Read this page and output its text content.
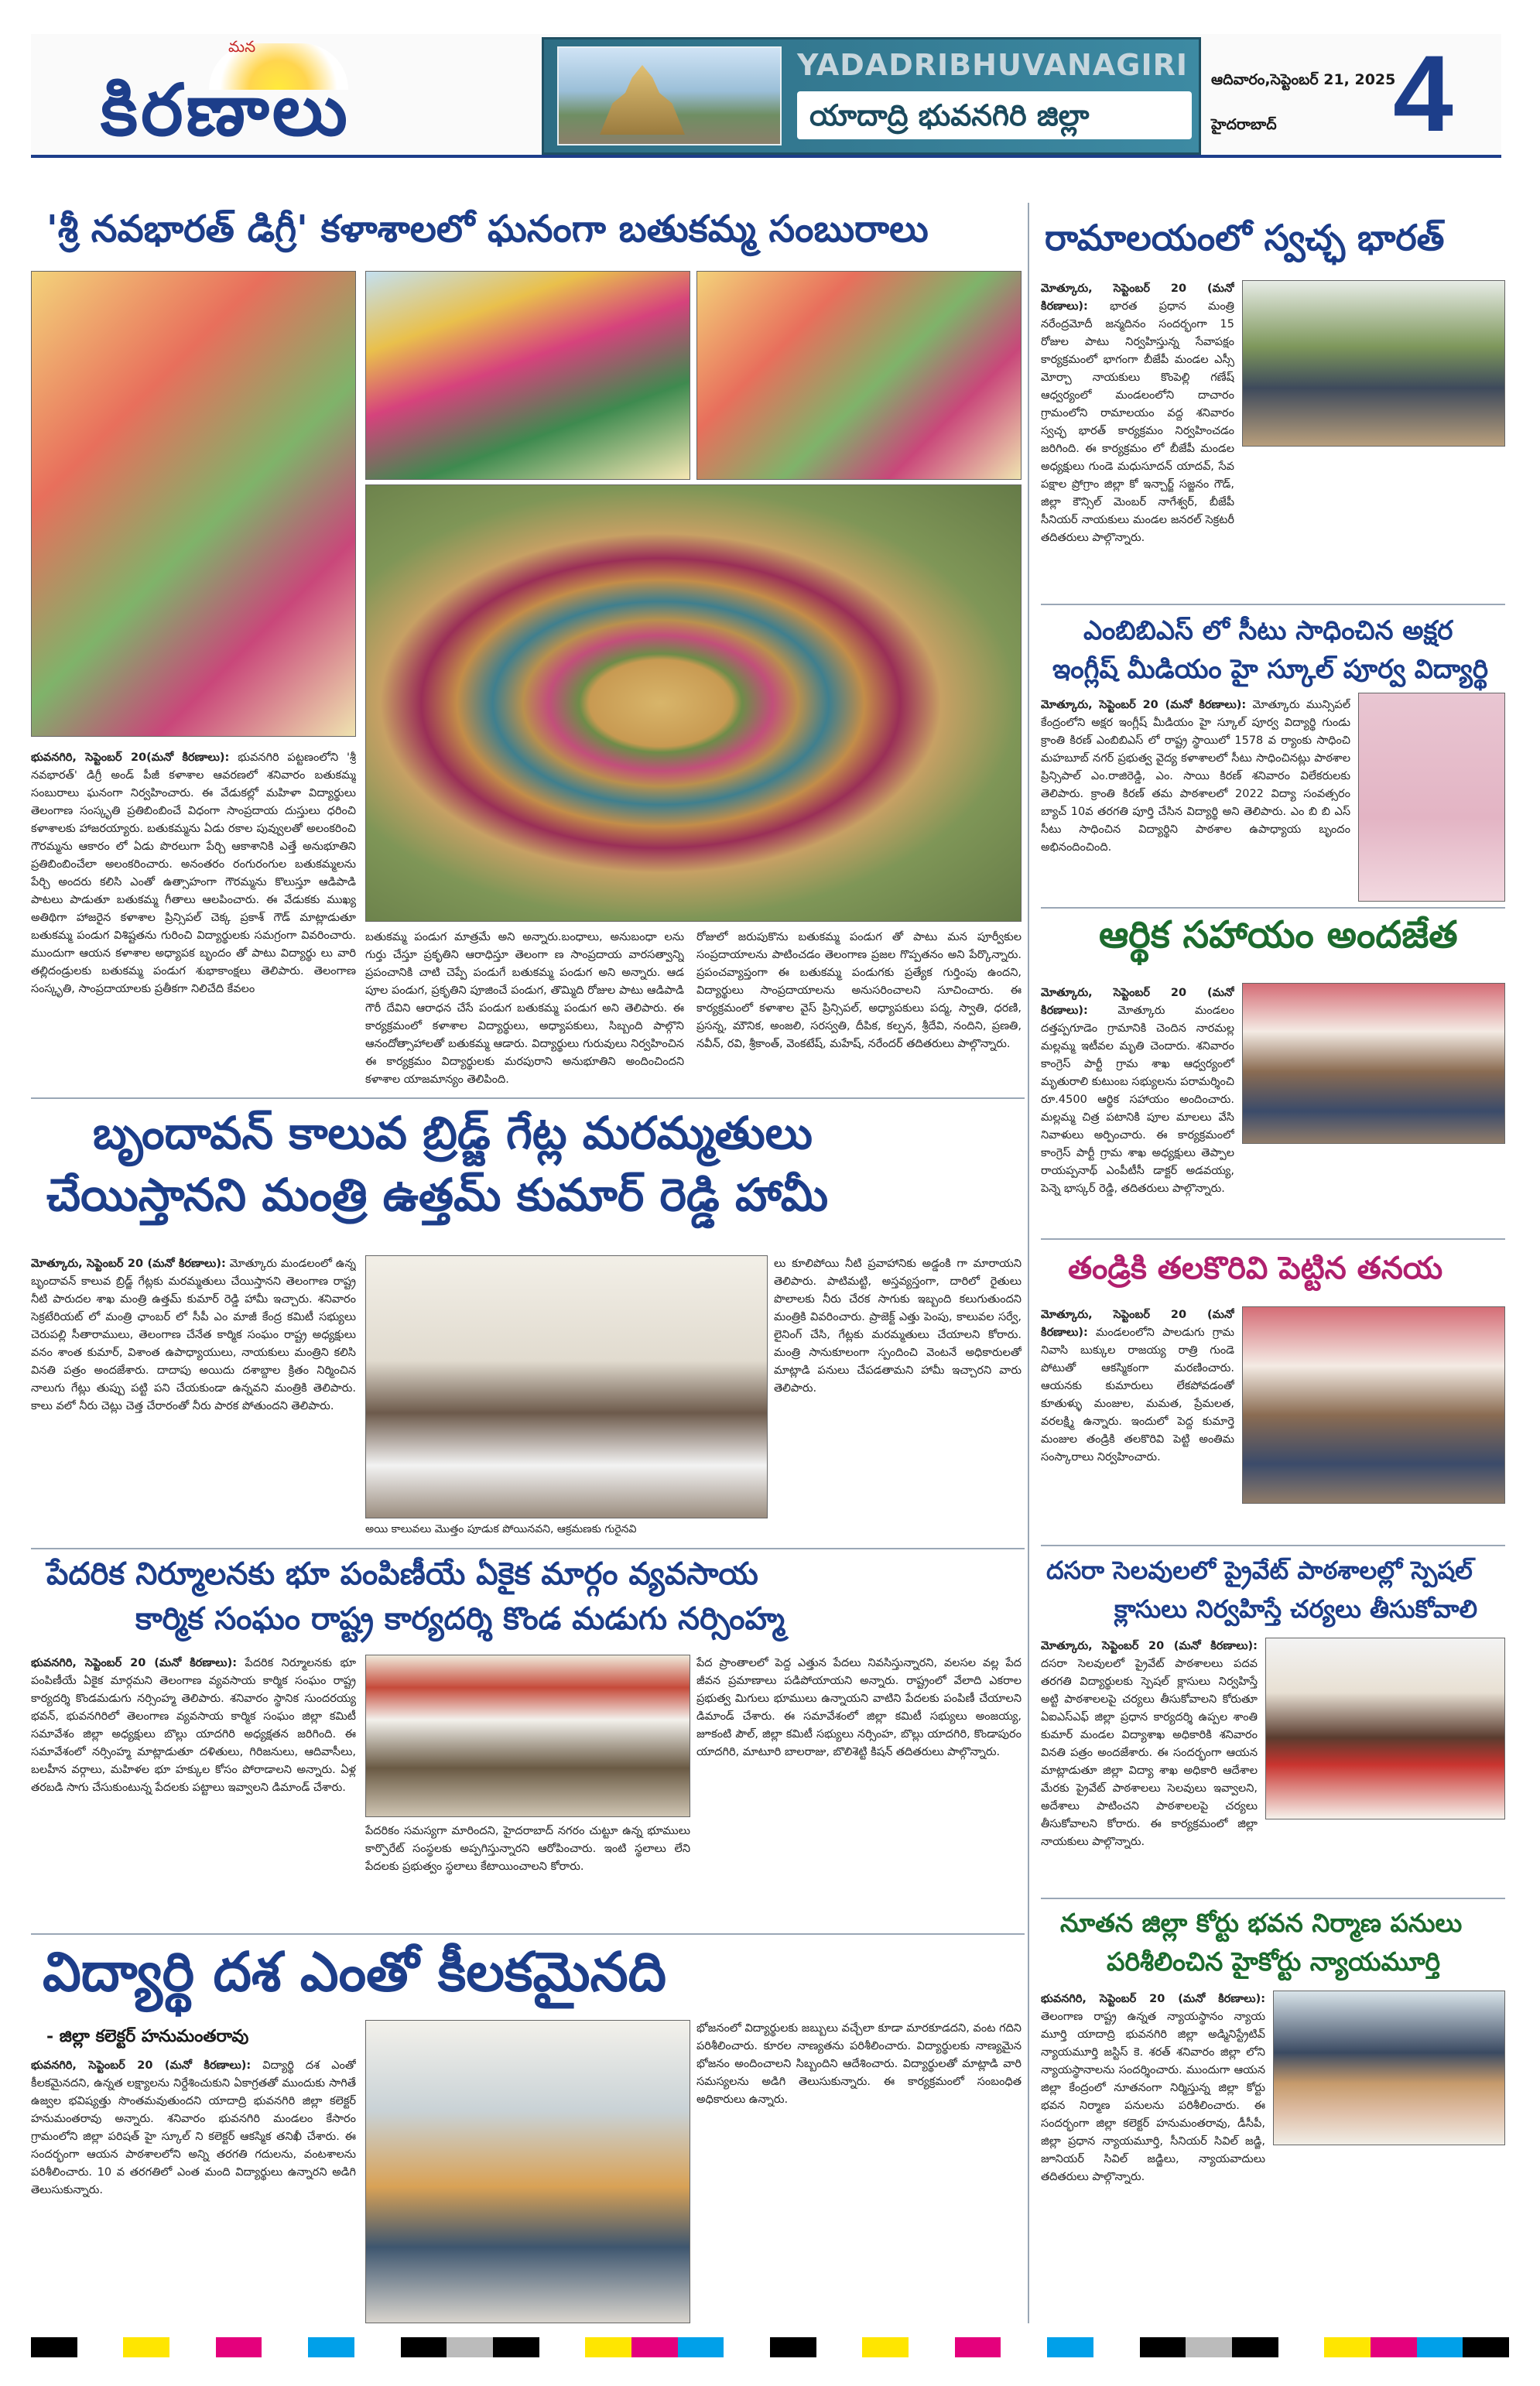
మన
కిరణాలు
YADADRIBHUVANAGIRI
యాదాద్రి భువనగిరి జిల్లా
ఆదివారం,సెప్టెంబర్ 21, 2025
హైదరాబాద్ 4
'శ్రీ నవభారత్ డిగ్రీ' కళాశాలలో ఘనంగా బతుకమ్మ సంబురాలు
భువనగిరి, సెప్టెంబర్ 20(మనో కిరణాలు): భువనగిరి పట్టణంలోని 'శ్రీ నవభారత్' డిగ్రీ అండ్ పీజీ కళాశాల ఆవరణలో శనివారం బతుకమ్మ సంబురాలు ఘనంగా నిర్వహించారు. ఈ వేడుకల్లో మహిళా విద్యార్థులు తెలంగాణ సంస్కృతి ప్రతిబింబించే విధంగా సాంప్రదాయ దుస్తులు ధరించి కళాశాలకు హాజరయ్యారు. బతుకమ్మను ఏడు రకాల పువ్వులతో అలంకరించి గౌరమ్మను ఆకారం లో ఏడు పొరలుగా పేర్చి ఆకాశానికి ఎత్తే అనుభూతిని ప్రతిబింబించేలా అలంకరించారు. అనంతరం రంగురంగుల బతుకమ్మలను పేర్చి అందరు కలిసి ఎంతో ఉత్సాహంగా గౌరమ్మను కొలుస్తూ ఆడిపాడి పాటలు పాడుతూ బతుకమ్మ గీతాలు ఆలపించారు. ఈ వేడుకకు ముఖ్య అతిథిగా హాజరైన కళాశాల ప్రిన్సిపల్ చెక్క ప్రకాశ్ గౌడ్ మాట్లాడుతూ బతుకమ్మ పండుగ విశిష్టతను గురించి విద్యార్థులకు సమగ్రంగా వివరించారు. ముందుగా ఆయన కళాశాల అధ్యాపక బృందం తో పాటు విద్యార్థు లు వారి తల్లిదండ్రులకు బతుకమ్మ పండుగ శుభాకాంక్షలు తెలిపారు. తెలంగాణ సంస్కృతి, సాంప్రదాయాలకు ప్రతీకగా నిలిచేది కేవలం
బతుకమ్మ పండుగ మాత్రమే అని అన్నారు.బంధాలు, అనుబంధా లను గుర్తు చేస్తూ ప్రకృతిని ఆరాధిస్తూ తెలంగా ణ సాంప్రదాయ వారసత్వాన్ని ప్రపంచానికి చాటి చెప్పే పండుగే బతుకమ్మ పండుగ అని అన్నారు. ఆడ పూల పండుగ, ప్రకృతిని పూజించే పండుగ, తొమ్మిది రోజుల పాటు ఆడిపాడి గౌరీ దేవిని ఆరాధన చేసే పండుగ బతుకమ్మ పండుగ అని తెలిపారు. ఈ కార్యక్రమంలో కళాశాల విద్యార్థులు, అధ్యాపకులు, సిబ్బంది పాల్గొని ఆనందోత్సాహాలతో బతుకమ్మ ఆడారు. విద్యార్థులు గురువులు నిర్వహించిన ఈ కార్యక్రమం విద్యార్థులకు మరపురాని అనుభూతిని అందించిందని కళాశాల యాజమాన్యం తెలిపింది.
రోజులో జరుపుకొను బతుకమ్మ పండుగ తో పాటు మన పూర్వీకుల సంప్రదాయాలను పాటించడం తెలంగాణ ప్రజల గొప్పతనం అని పేర్కొన్నారు. ప్రపంచవ్యాప్తంగా ఈ బతుకమ్మ పండుగకు ప్రత్యేక గుర్తింపు ఉందని, విద్యార్థులు సాంప్రదాయాలను అనుసరించాలని సూచించారు. ఈ కార్యక్రమంలో కళాశాల వైస్ ప్రిన్సిపల్, అధ్యాపకులు పద్మ, స్వాతి, ధరణి, ప్రసన్న, మౌనిక, అంజలి, సరస్వతి, దీపిక, కల్పన, శ్రీదేవి, నందిని, ప్రణతి, నవీన్, రవి, శ్రీకాంత్, వెంకటేష్, మహేష్, నరేందర్ తదితరులు పాల్గొన్నారు.
రామాలయంలో స్వచ్ఛ భారత్
మోత్కూరు, సెప్టెంబర్ 20 (మనో కిరణాలు): భారత ప్రధాన మంత్రి నరేంద్రమోదీ జన్మదినం సందర్భంగా 15 రోజుల పాటు నిర్వహిస్తున్న సేవాపక్షం కార్యక్రమంలో భాగంగా బీజేపీ మండల ఎస్సీ మోర్చా నాయకులు కొంపెల్లి గణేష్ ఆధ్వర్యంలో మండలంలోని దాచారం గ్రామంలోని రామాలయం వద్ద శనివారం స్వచ్ఛ భారత్ కార్యక్రమం నిర్వహించడం జరిగింది. ఈ కార్యక్రమం లో బీజేపీ మండల అధ్యక్షులు గుండె మధుసూదన్ యాదవ్, సేవ పక్షాల ప్రోగ్రాం జిల్లా కో ఇన్చార్జ్ సజ్జనం గౌడ్, జిల్లా కౌన్సిల్ మెంబర్ నాగేశ్వర్, బీజేపీ సీనియర్ నాయకులు మండల జనరల్ సెక్రటరీ తదితరులు పాల్గొన్నారు.
ఎంబిబిఎస్ లో సీటు సాధించిన అక్షర
ఇంగ్లీష్ మీడియం హై స్కూల్ పూర్వ విద్యార్థి
మోత్కూరు, సెప్టెంబర్ 20 (మనో కిరణాలు): మోత్కూరు మున్సిపల్ కేంద్రంలోని అక్షర ఇంగ్లీష్ మీడియం హై స్కూల్ పూర్వ విద్యార్థి గుండు క్రాంతి కిరణ్ ఎంబిబిఎస్ లో రాష్ట్ర స్థాయిలో 1578 వ ర్యాంకు సాధించి మహబూబ్ నగర్ ప్రభుత్వ వైద్య కళాశాలలో సీటు సాధించినట్లు పాఠశాల ప్రిన్సిపాల్ ఎం.రాజిరెడ్డి, ఎం. సాయి కిరణ్ శనివారం విలేకరులకు తెలిపారు. క్రాంతి కిరణ్ తమ పాఠశాలలో 2022 విద్యా సంవత్సరం బ్యాచ్ 10వ తరగతి పూర్తి చేసిన విద్యార్థి అని తెలిపారు. ఎం బి బి ఎస్ సీటు సాధించిన విద్యార్థిని పాఠశాల ఉపాధ్యాయ బృందం అభినందించింది.
ఆర్థిక సహాయం అందజేత
మోత్కూరు, సెప్టెంబర్ 20 (మనో కిరణాలు):	మోత్కూరు మండలం దత్తప్పగూడెం గ్రామానికి చెందిన నారమల్ల మల్లమ్మ ఇటీవల మృతి చెందారు. శనివారం కాంగ్రెస్ పార్టీ గ్రామ శాఖ ఆధ్వర్యంలో మృతురాలి కుటుంబ సభ్యులను పరామర్శించి రూ.4500 ఆర్థిక సహాయం అందించారు. మల్లమ్మ చిత్ర పటానికి పూల మాలలు వేసి నివాళులు అర్పించారు. ఈ కార్యక్రమంలో కాంగ్రెస్ పార్టీ గ్రామ శాఖ అధ్యక్షులు తెప్పాల రాయప్పనాథ్ ఎంపీటీసీ డాక్టర్ అడవయ్య, పెన్నె భాస్కర్ రెడ్డి, తదితరులు పాల్గొన్నారు.
బృందావన్ కాలువ బ్రిడ్జ్ గేట్ల మరమ్మతులు
చేయిస్తానని మంత్రి ఉత్తమ్ కుమార్ రెడ్డి హామీ
మోత్కూరు, సెప్టెంబర్ 20 (మనో కిరణాలు): మోత్కూరు మండలంలో ఉన్న బృందావన్ కాలువ బ్రిడ్జ్ గేట్లకు మరమ్మతులు చేయిస్తానని తెలంగాణ రాష్ట్ర నీటి పారుదల శాఖ మంత్రి ఉత్తమ్ కుమార్ రెడ్డి హామీ ఇచ్చారు. శనివారం సెక్రటేరియట్ లో మంత్రి ఛాంబర్ లో సీపీ ఎం మాజీ కేంద్ర కమిటీ సభ్యులు చెరుపల్లి సీతారాములు, తెలంగాణ చేనేత కార్మిక సంఘం రాష్ట్ర అధ్యక్షులు వనం శాంత కుమార్, విశాంత ఉపాధ్యాయులు, నాయకులు మంత్రిని కలిసి వినతి పత్రం అందజేశారు. దాదాపు అయిదు దశాబ్దాల క్రితం నిర్మించిన నాలుగు గేట్లు తుప్పు పట్టి పని చేయకుండా ఉన్నవని మంత్రికి తెలిపారు. కాలు వలో నీరు చెట్లు చెత్త చేరారంతో నీరు పారక పోతుందని తెలిపారు.
అయి కాలువలు మొత్తం పూడుక పోయినవని, ఆక్రమణకు గురైనవి
లు కూలిపోయి నీటి ప్రవాహానికు అడ్డంకి గా మారాయని తెలిపారు. పాటిమట్టి, అస్తవ్యస్తంగా, దారిలో రైతులు పొలాలకు నీరు చేరక సాగుకు ఇబ్బంది కలుగుతుందని మంత్రికి వివరించారు. ప్రాజెక్ట్ ఎత్తు పెంపు, కాలువల సర్వే, లైనింగ్ చేసి, గేట్లకు మరమ్మతులు చేయాలని కోరారు. మంత్రి సానుకూలంగా స్పందించి వెంటనే అధికారులతో మాట్లాడి పనులు చేపడతామని హామీ ఇచ్చారని వారు తెలిపారు.
తండ్రికి తలకొరివి పెట్టిన తనయ
మోత్కూరు, సెప్టెంబర్ 20 (మనో కిరణాలు): మండలంలోని పాలడుగు గ్రామ నివాసి బుక్కుల రాజయ్య రాత్రి గుండె పోటుతో ఆకస్మికంగా మరణించారు. ఆయనకు కుమారులు లేకపోవడంతో కూతుళ్ళు మంజుల, మమత, ప్రేమలత, వరలక్ష్మి ఉన్నారు. ఇందులో పెద్ద కుమార్తె మంజుల తండ్రికి తలకొరివి పెట్టి అంతిమ సంస్కారాలు నిర్వహించారు.
దసరా సెలవులలో ప్రైవేట్ పాఠశాలల్లో స్పెషల్
క్లాసులు నిర్వహిస్తే చర్యలు తీసుకోవాలి
మోత్కూరు, సెప్టెంబర్ 20 (మనో కిరణాలు): దసరా సెలవులలో ప్రైవేట్ పాఠశాలలు పదవ తరగతి విద్యార్థులకు స్పెషల్ క్లాసులు నిర్వహిస్తే అట్టి పాఠశాలలపై చర్యలు తీసుకోవాలని కోరుతూ ఏఐఎస్ఎఫ్ జిల్లా ప్రధాన కార్యదర్శి ఉప్పల శాంతి కుమార్ మండల విద్యాశాఖ అధికారికి శనివారం వినతి పత్రం అందజేశారు. ఈ సందర్భంగా ఆయన మాట్లాడుతూ జిల్లా విద్యా శాఖ అధికారి ఆదేశాల మేరకు ప్రైవేట్ పాఠశాలలు సెలవులు ఇవ్వాలని, అదేశాలు పాటించని పాఠశాలలపై చర్యలు తీసుకోవాలని కోరారు. ఈ కార్యక్రమంలో జిల్లా నాయకులు పాల్గొన్నారు.
నూతన జిల్లా కోర్టు భవన నిర్మాణ పనులు
పరిశీలించిన హైకోర్టు న్యాయమూర్తి
భువనగిరి, సెప్టెంబర్ 20 (మనో కిరణాలు): తెలంగాణ రాష్ట్ర ఉన్నత న్యాయస్థానం న్యాయ మూర్తి యాదాద్రి భువనగిరి జిల్లా అడ్మినిస్ట్రేటివ్ న్యాయమూర్తి జస్టిస్ కె. శరత్ శనివారం జిల్లా లోని న్యాయస్థానాలను సందర్శించారు. ముందుగా ఆయన జిల్లా కేంద్రంలో నూతనంగా నిర్మిస్తున్న జిల్లా కోర్టు భవన నిర్మాణ పనులను పరిశీలించారు. ఈ సందర్భంగా జిల్లా కలెక్టర్ హనుమంతరావు, డీసీపీ, జిల్లా ప్రధాన న్యాయమూర్తి, సీనియర్ సివిల్ జడ్జి, జూనియర్ సివిల్ జడ్జిలు, న్యాయవాదులు తదితరులు పాల్గొన్నారు.
పేదరిక నిర్మూలనకు భూ పంపిణీయే ఏకైక మార్గం వ్యవసాయ
కార్మిక సంఘం రాష్ట్ర కార్యదర్శి కొండ మడుగు నర్సింహ్మ
భువనగిరి, సెప్టెంబర్ 20 (మనో కిరణాలు): పేదరిక నిర్మూలనకు భూ పంపిణీయే ఏకైక మార్గమని తెలంగాణ వ్యవసాయ కార్మిక సంఘం రాష్ట్ర కార్యదర్శి కొండమడుగు నర్సింహ్మ తెలిపారు. శనివారం స్థానిక సుందరయ్య భవన్, భువనగిరిలో తెలంగాణ వ్యవసాయ కార్మిక సంఘం జిల్లా కమిటీ సమావేశం జిల్లా అధ్యక్షులు బొల్లు యాదగిరి అధ్యక్షతన జరిగింది. ఈ సమావేశంలో నర్సింహ్మ మాట్లాడుతూ దళితులు, గిరిజనులు, ఆదివాసీలు, బలహీన వర్గాలు, మహిళల భూ హక్కుల కోసం పోరాడాలని అన్నారు. ఏళ్ల తరబడి సాగు చేసుకుంటున్న పేదలకు పట్టాలు ఇవ్వాలని డిమాండ్ చేశారు.
పేదరికం సమస్యగా మారిందని, హైదరాబాద్ నగరం చుట్టూ ఉన్న భూములు కార్పొరేట్ సంస్థలకు అప్పగిస్తున్నారని ఆరోపించారు. ఇంటి స్థలాలు లేని పేదలకు ప్రభుత్వం స్థలాలు కేటాయించాలని కోరారు.
పేద ప్రాంతాలలో పెద్ద ఎత్తున పేదలు నివసిస్తున్నారని, వలసల వల్ల పేద జీవన ప్రమాణాలు పడిపోయాయని అన్నారు. రాష్ట్రంలో వేలాది ఎకరాల ప్రభుత్వ మిగులు భూములు ఉన్నాయని వాటిని పేదలకు పంపిణీ చేయాలని డిమాండ్ చేశారు. ఈ సమావేశంలో జిల్లా కమిటీ సభ్యులు అంజయ్య, జూకంటి పౌల్, జిల్లా కమిటీ సభ్యులు నర్సింహ, బొల్లు యాదగిరి, కొండాపురం యాదగిరి, మాటూరి బాలరాజు, బొలిశెట్టి కిషన్ తదితరులు పాల్గొన్నారు.
విద్యార్థి దశ ఎంతో కీలకమైనది
- జిల్లా కలెక్టర్ హనుమంతరావు
భువనగిరి, సెప్టెంబర్ 20 (మనో కిరణాలు): విద్యార్థి దశ ఎంతో కీలకమైనదని, ఉన్నత లక్ష్యాలను నిర్దేశించుకుని ఏకాగ్రతతో ముందుకు సాగితే ఉజ్వల భవిష్యత్తు సొంతమవుతుందని యాదాద్రి భువనగిరి జిల్లా కలెక్టర్ హనుమంతరావు అన్నారు. శనివారం భువనగిరి మండలం కేసారం గ్రామంలోని జిల్లా పరిషత్ హై స్కూల్ ని కలెక్టర్ ఆకస్మిక తనిఖీ చేశారు. ఈ సందర్భంగా ఆయన పాఠశాలలోని అన్ని తరగతి గదులను, వంటశాలను పరిశీలించారు. 10 వ తరగతిలో ఎంత మంది విద్యార్థులు ఉన్నారని అడిగి తెలుసుకున్నారు.
భోజనంలో విద్యార్థులకు జబ్బులు వచ్చేలా కూడా మారకూడదని, వంట గదిని పరిశీలించారు. కూరల నాణ్యతను పరిశీలించారు. విద్యార్థులకు నాణ్యమైన భోజనం అందించాలని సిబ్బందిని ఆదేశించారు. విద్యార్థులతో మాట్లాడి వారి సమస్యలను అడిగి తెలుసుకున్నారు. ఈ కార్యక్రమంలో సంబంధిత అధికారులు ఉన్నారు.
